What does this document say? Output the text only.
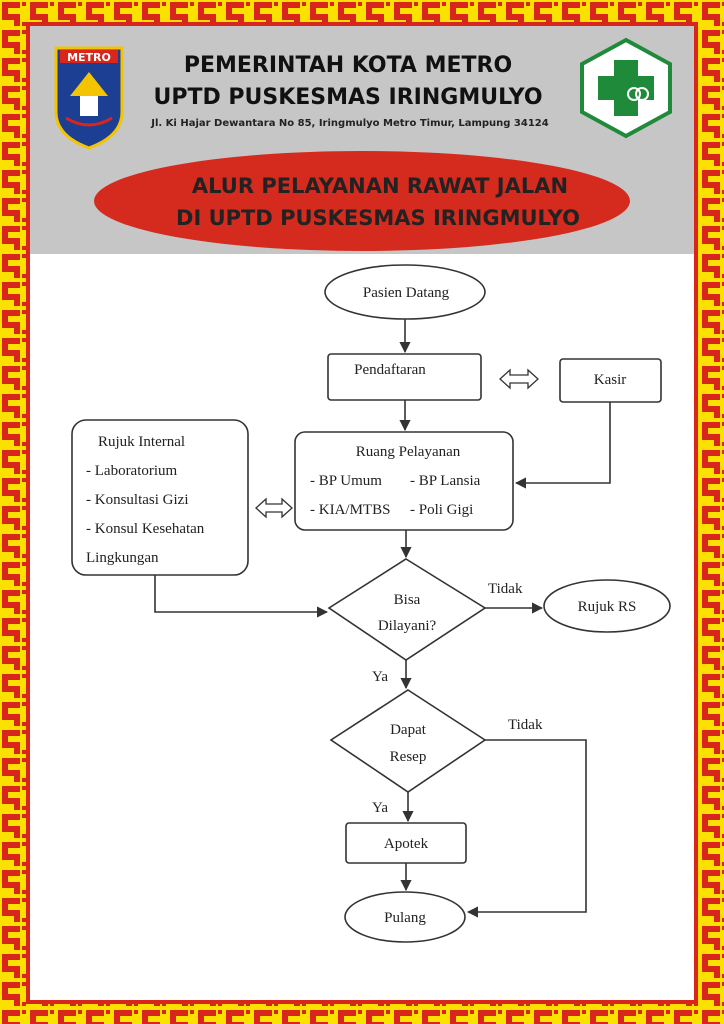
METRO	PEMERINTAH KOTA METRO
UPTD PUSKESMAS IRINGMULYO
Jl. Ki Hajar Dewantara No 85, Iringmulyo Metro Timur, Lampung 34124
ALUR PELAYANAN RAWAT JALAN
DI UPTD PUSKESMAS IRINGMULYO
Pasien Datang
Pendaftaran
Kasir
Ruang Pelayanan
- BP Umum - BP Lansia
- KIA/MTBS - Poli Gigi
Rujuk Internal
- Laboratorium
- Konsultasi Gizi
- Konsul Kesehatan
Lingkungan
Bisa
Dilayani?
Tidak
Rujuk RS
Ya
Dapat
Resep
Tidak
Ya
Apotek
Pulang
